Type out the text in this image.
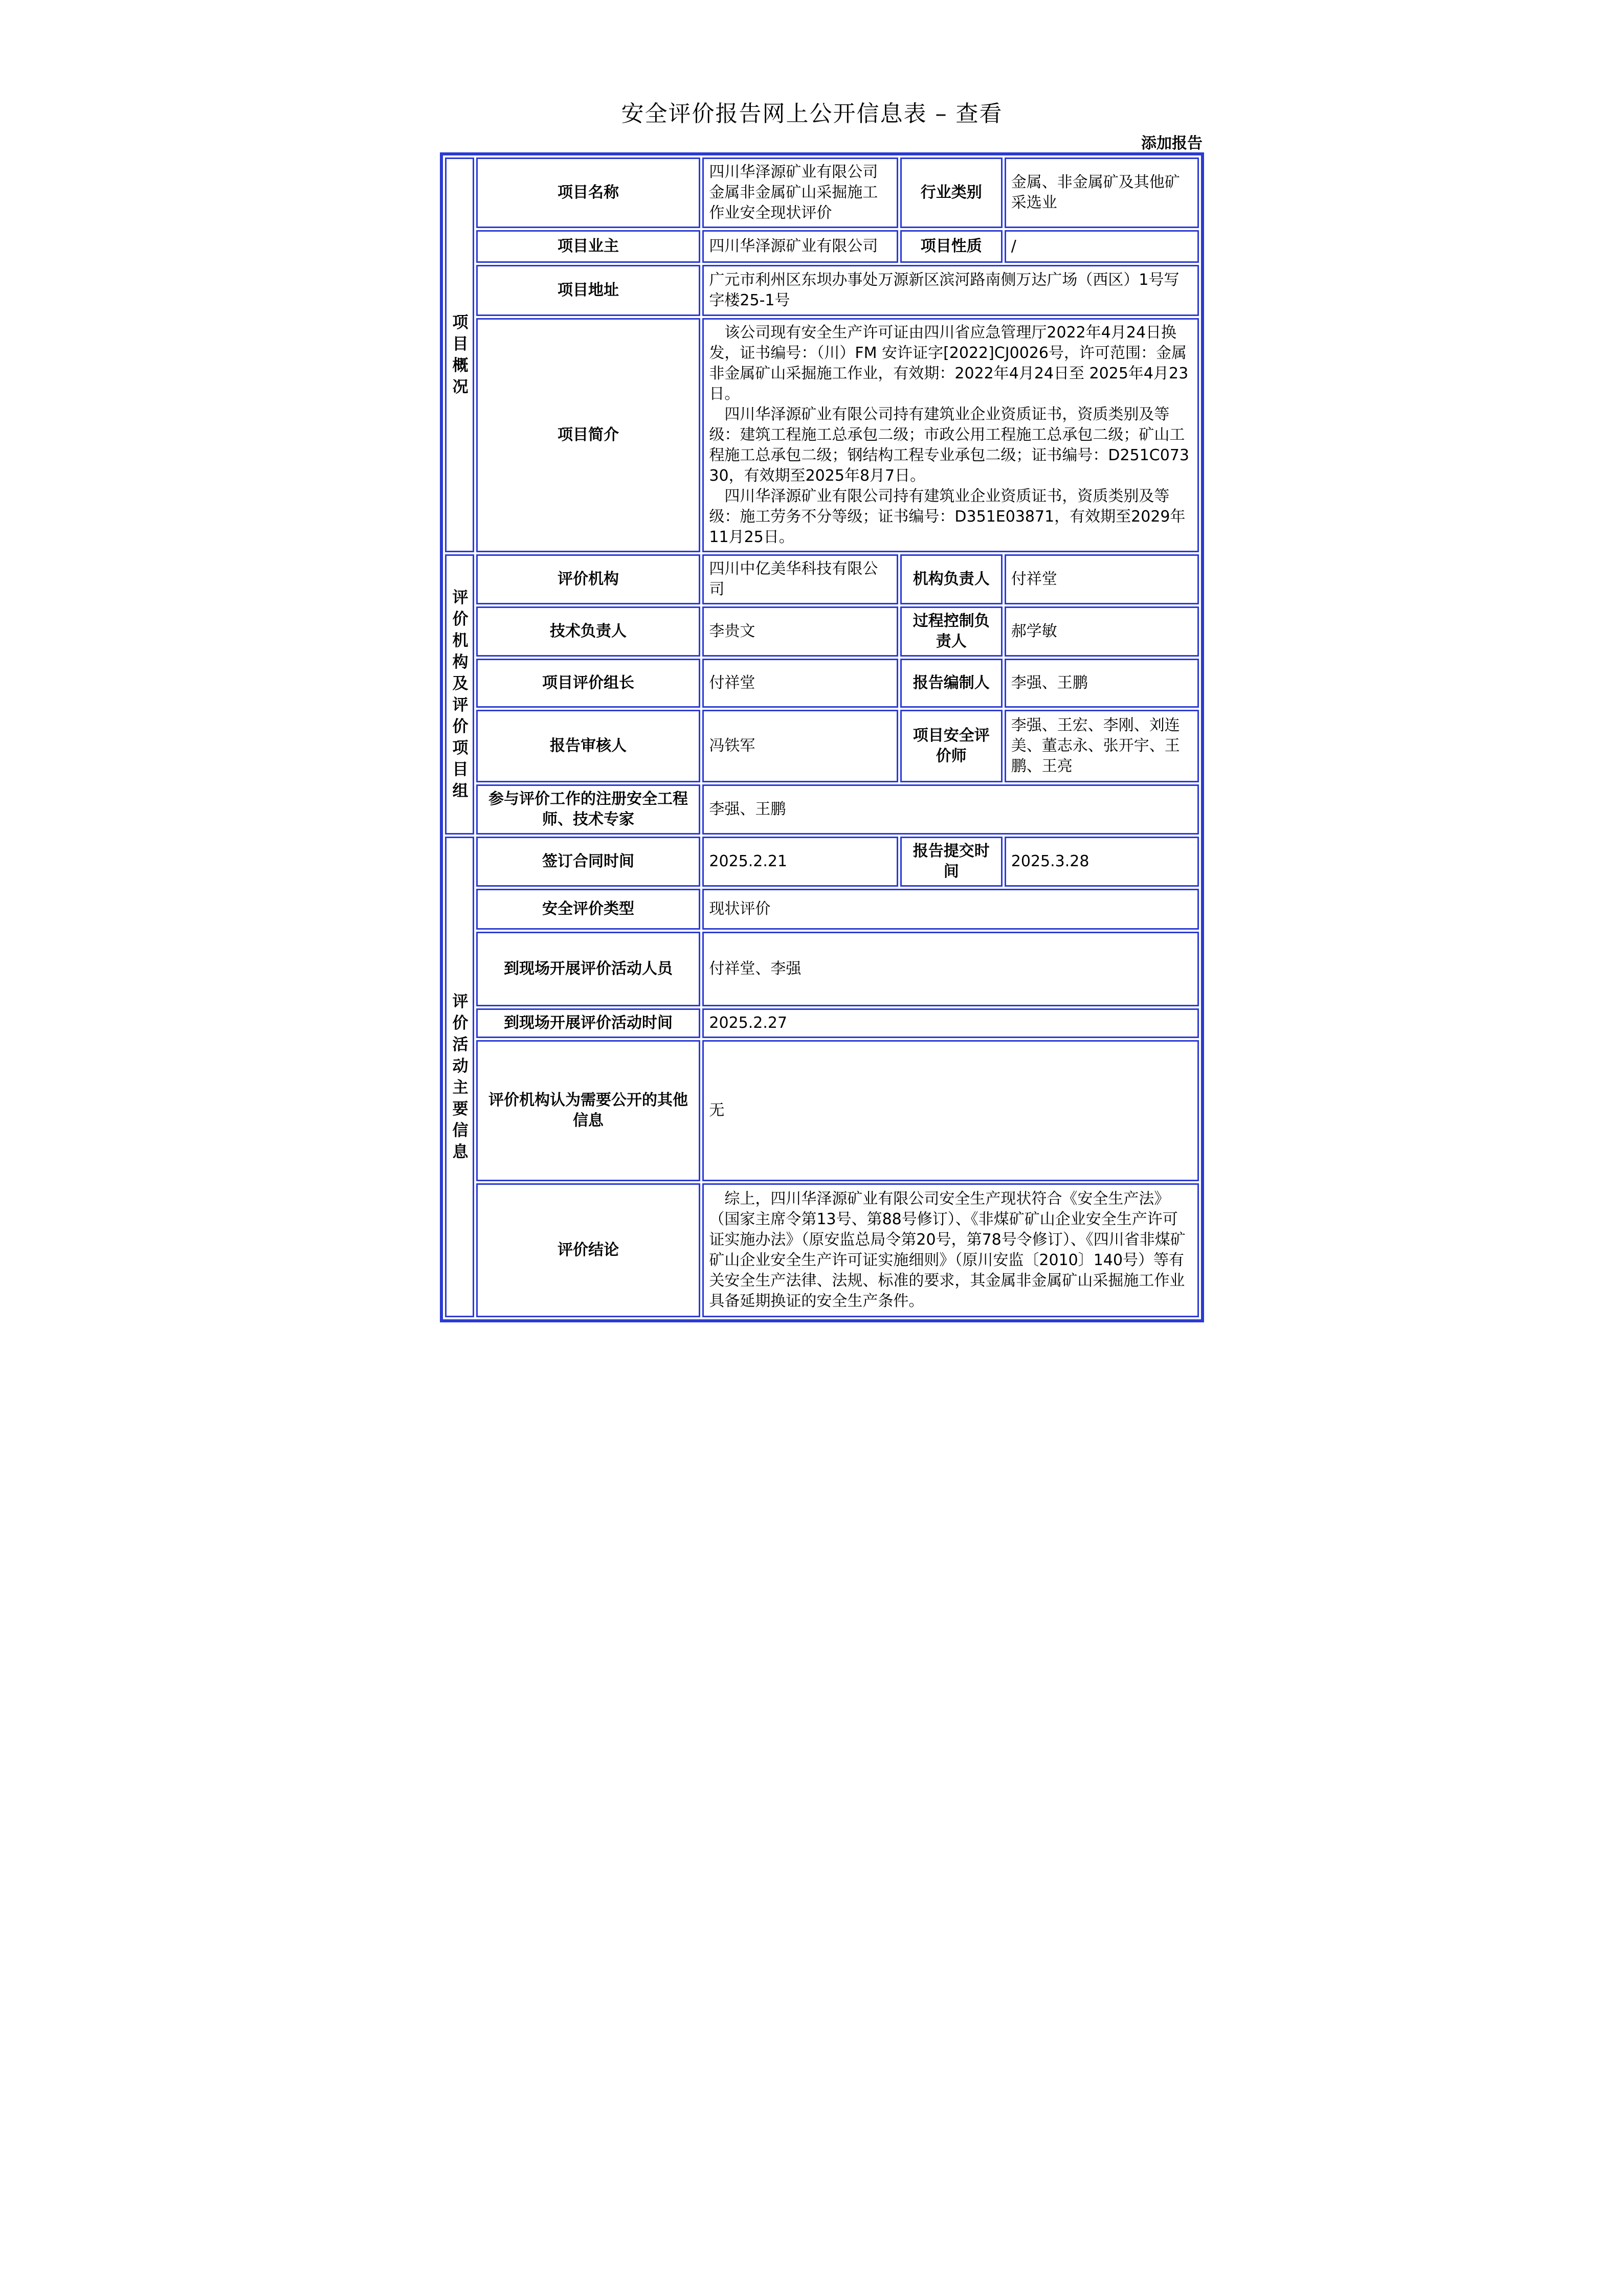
安全评价报告网上公开信息表 – 查看
添加报告
项目概况	项目名称	四川华泽源矿业有限公司金属非金属矿山采掘施工作业安全现状评价	行业类别	金属、非金属矿及其他矿采选业
	项目业主	四川华泽源矿业有限公司	项目性质	/
	项目地址	广元市利州区东坝办事处万源新区滨河路南侧万达广场（西区）1号写字楼25-1号		
	项目简介	该公司现有安全生产许可证由四川省应急管理厅2022年4月24日换发，证书编号：（川）FM 安许证字[2022]CJ0026号，许可范围：金属非金属矿山采掘施工作业，有效期：2022年4月24日至 2025年4月23日。
四川华泽源矿业有限公司持有建筑业企业资质证书，资质类别及等级：建筑工程施工总承包二级；市政公用工程施工总承包二级；矿山工程施工总承包二级；钢结构工程专业承包二级；证书编号：D251C07330，有效期至2025年8月7日。
四川华泽源矿业有限公司持有建筑业企业资质证书，资质类别及等级：施工劳务不分等级；证书编号：D351E03871，有效期至2029年11月25日。		

评价机构及评价项目组	评价机构	四川中亿美华科技有限公司	机构负责人	付祥堂
	技术负责人	李贵文	过程控制负责人	郝学敏
	项目评价组长	付祥堂	报告编制人	李强、王鹏
	报告审核人	冯铁军	项目安全评价师	李强、王宏、李刚、刘连美、董志永、张开宇、王鹏、王亮
	参与评价工作的注册安全工程师、技术专家	李强、王鹏		

评价活动主要信息	签订合同时间	2025.2.21	报告提交时间	2025.3.28
	安全评价类型	现状评价		
	到现场开展评价活动人员	付祥堂、李强		
	到现场开展评价活动时间	2025.2.27		
	评价机构认为需要公开的其他信息	无		
	评价结论	综上，四川华泽源矿业有限公司安全生产现状符合《安全生产法》（国家主席令第13号、第88号修订）、《非煤矿矿山企业安全生产许可证实施办法》（原安监总局令第20号，第78号令修订）、《四川省非煤矿矿山企业安全生产许可证实施细则》（原川安监〔2010〕140号）等有关安全生产法律、法规、标准的要求，其金属非金属矿山采掘施工作业具备延期换证的安全生产条件。		
